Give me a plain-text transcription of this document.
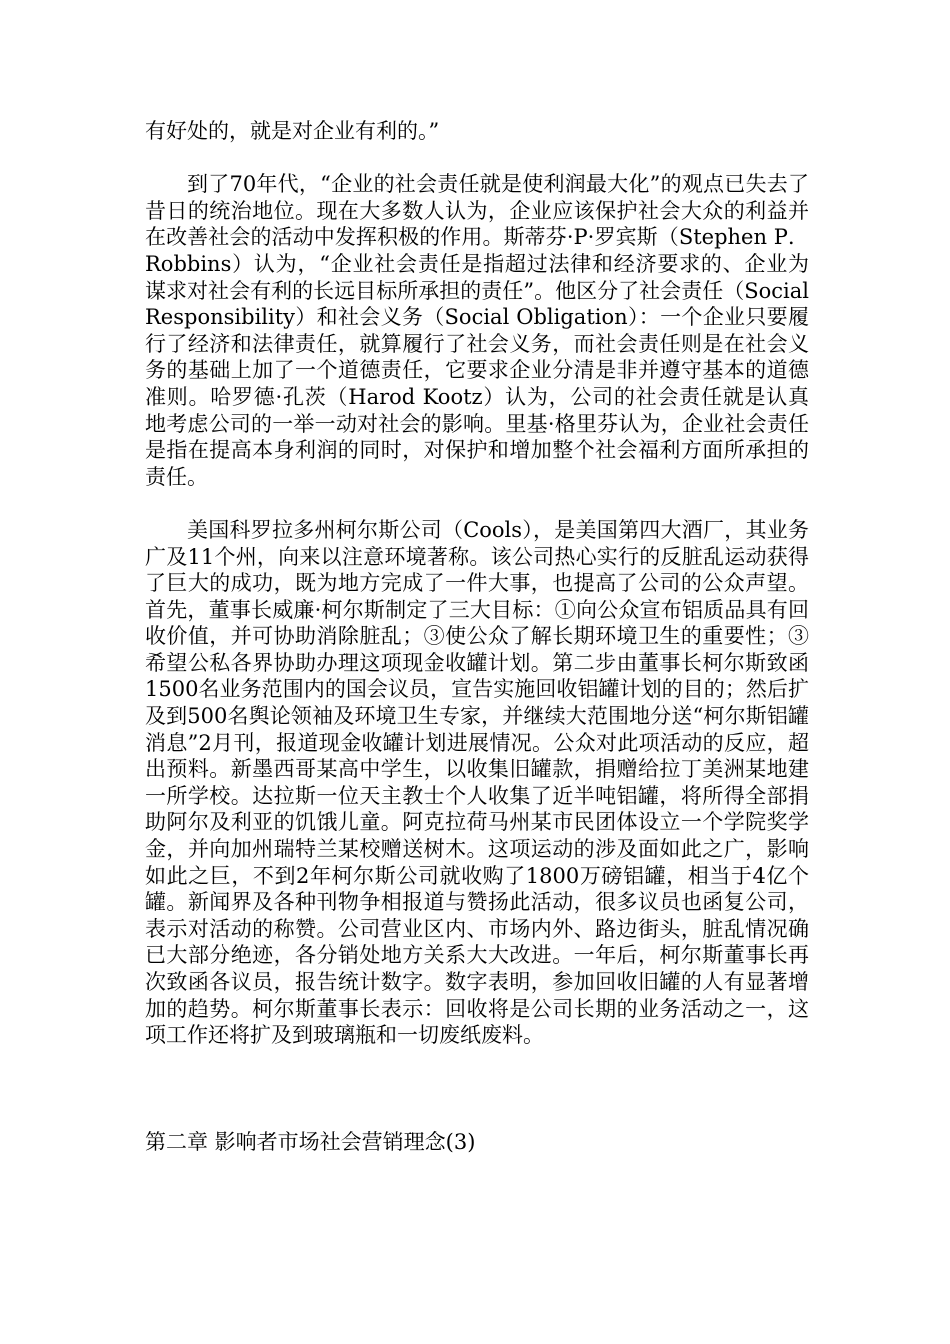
有好处的，就是对企业有利的。”

到了70年代，“企业的社会责任就是使利润最大化”的观点已失去了昔日的统治地位。现在大多数人认为，企业应该保护社会大众的利益并在改善社会的活动中发挥积极的作用。斯蒂芬·P·罗宾斯（Stephen P．Robbins）认为，“企业社会责任是指超过法律和经济要求的、企业为谋求对社会有利的长远目标所承担的责任”。他区分了社会责任（Social Responsibility）和社会义务（Social Obligation）：一个企业只要履行了经济和法律责任，就算履行了社会义务，而社会责任则是在社会义务的基础上加了一个道德责任，它要求企业分清是非并遵守基本的道德准则。哈罗德·孔茨（Harod Kootz）认为，公司的社会责任就是认真地考虑公司的一举一动对社会的影响。里基·格里芬认为，企业社会责任是指在提高本身利润的同时，对保护和增加整个社会福利方面所承担的责任。

美国科罗拉多州柯尔斯公司（Cools），是美国第四大酒厂，其业务广及11个州，向来以注意环境著称。该公司热心实行的反脏乱运动获得了巨大的成功，既为地方完成了一件大事，也提高了公司的公众声望。首先，董事长威廉·柯尔斯制定了三大目标：①向公众宣布铝质品具有回收价值，并可协助消除脏乱；③使公众了解长期环境卫生的重要性；③希望公私各界协助办理这项现金收罐计划。第二步由董事长柯尔斯致函1500名业务范围内的国会议员，宣告实施回收铝罐计划的目的；然后扩及到500名舆论领袖及环境卫生专家，并继续大范围地分送“柯尔斯铝罐消息”2月刊，报道现金收罐计划进展情况。公众对此项活动的反应，超出预料。新墨西哥某高中学生，以收集旧罐款，捐赠给拉丁美洲某地建一所学校。达拉斯一位天主教士个人收集了近半吨铝罐，将所得全部捐助阿尔及利亚的饥饿儿童。阿克拉荷马州某市民团体设立一个学院奖学金，并向加州瑞特兰某校赠送树木。这项运动的涉及面如此之广，影响如此之巨，不到2年柯尔斯公司就收购了1800万磅铝罐，相当于4亿个罐。新闻界及各种刊物争相报道与赞扬此活动，很多议员也函复公司，表示对活动的称赞。公司营业区内、市场内外、路边街头，脏乱情况确已大部分绝迹，各分销处地方关系大大改进。一年后，柯尔斯董事长再次致函各议员，报告统计数字。数字表明，参加回收旧罐的人有显著增加的趋势。柯尔斯董事长表示：回收将是公司长期的业务活动之一，这项工作还将扩及到玻璃瓶和一切废纸废料。

第二章 影响者市场社会营销理念(3)
